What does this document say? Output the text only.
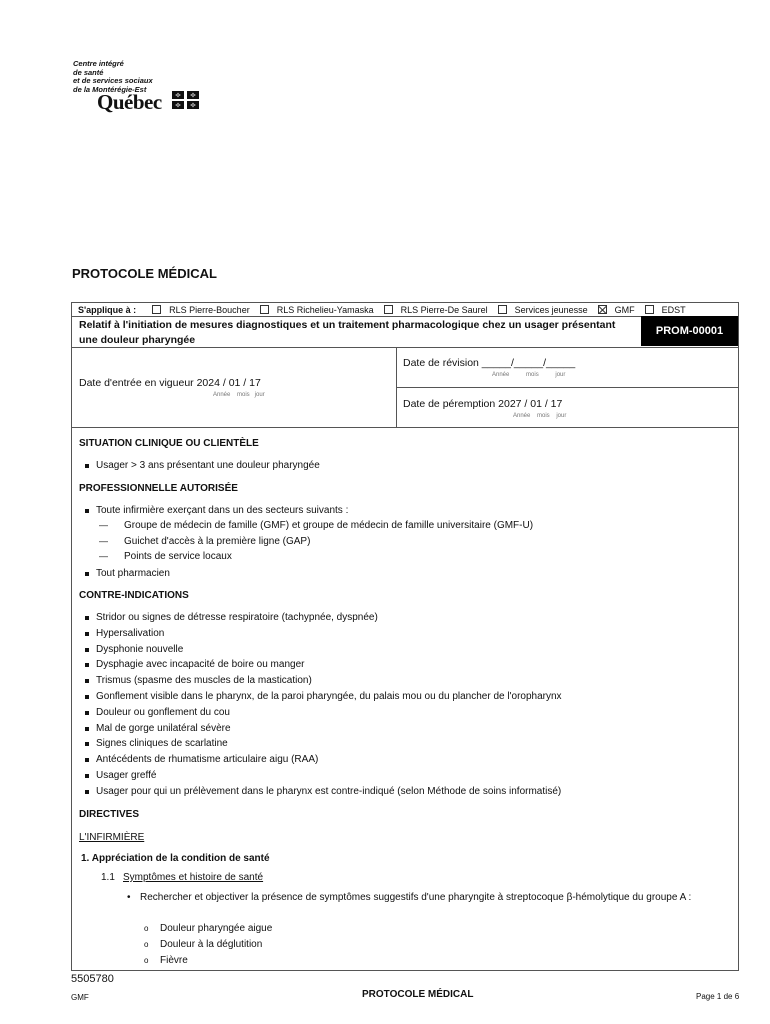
Centre intégré
de santé
et de services sociaux
de la Montérégie-Est
Québec
PROTOCOLE MÉDICAL
S'applique à :	RLS Pierre-Boucher	RLS Richelieu-Yamaska	RLS Pierre-De Saurel	Services jeunesse	GMF	EDST
Relatif à l'initiation de mesures diagnostiques et un traitement pharmacologique chez un usager présentant une douleur pharyngée
PROM-00001
Date d'entrée en vigueur 2024 / 01 / 17
Année    mois   jour
Date de révision _____/_____/_____
Année          mois          jour
Date de péremption 2027 / 01 / 17
Année    mois    jour
SITUATION CLINIQUE OU CLIENTÈLE
Usager > 3 ans présentant une douleur pharyngée
PROFESSIONNELLE AUTORISÉE
Toute infirmière exerçant dans un des secteurs suivants :
— Groupe de médecin de famille (GMF) et groupe de médecin de famille universitaire (GMF-U)
— Guichet d'accès à la première ligne (GAP)
— Points de service locaux
Tout pharmacien
CONTRE-INDICATIONS
Stridor ou signes de détresse respiratoire (tachypnée, dyspnée)
Hypersalivation
Dysphonie nouvelle
Dysphagie avec incapacité de boire ou manger
Trismus (spasme des muscles de la mastication)
Gonflement visible dans le pharynx, de la paroi pharyngée, du palais mou ou du plancher de l'oropharynx
Douleur ou gonflement du cou
Mal de gorge unilatéral sévère
Signes cliniques de scarlatine
Antécédents de rhumatisme articulaire aigu (RAA)
Usager greffé
Usager pour qui un prélèvement dans le pharynx est contre-indiqué (selon Méthode de soins informatisé)
DIRECTIVES
L'INFIRMIÈRE
1. Appréciation de la condition de santé
1.1 Symptômes et histoire de santé
• Rechercher et objectiver la présence de symptômes suggestifs d'une pharyngite à streptocoque β-hémolytique du groupe A :
o Douleur pharyngée aigue
o Douleur à la déglutition
o Fièvre
5505780
GMF	PROTOCOLE MÉDICAL	Page 1 de 6
